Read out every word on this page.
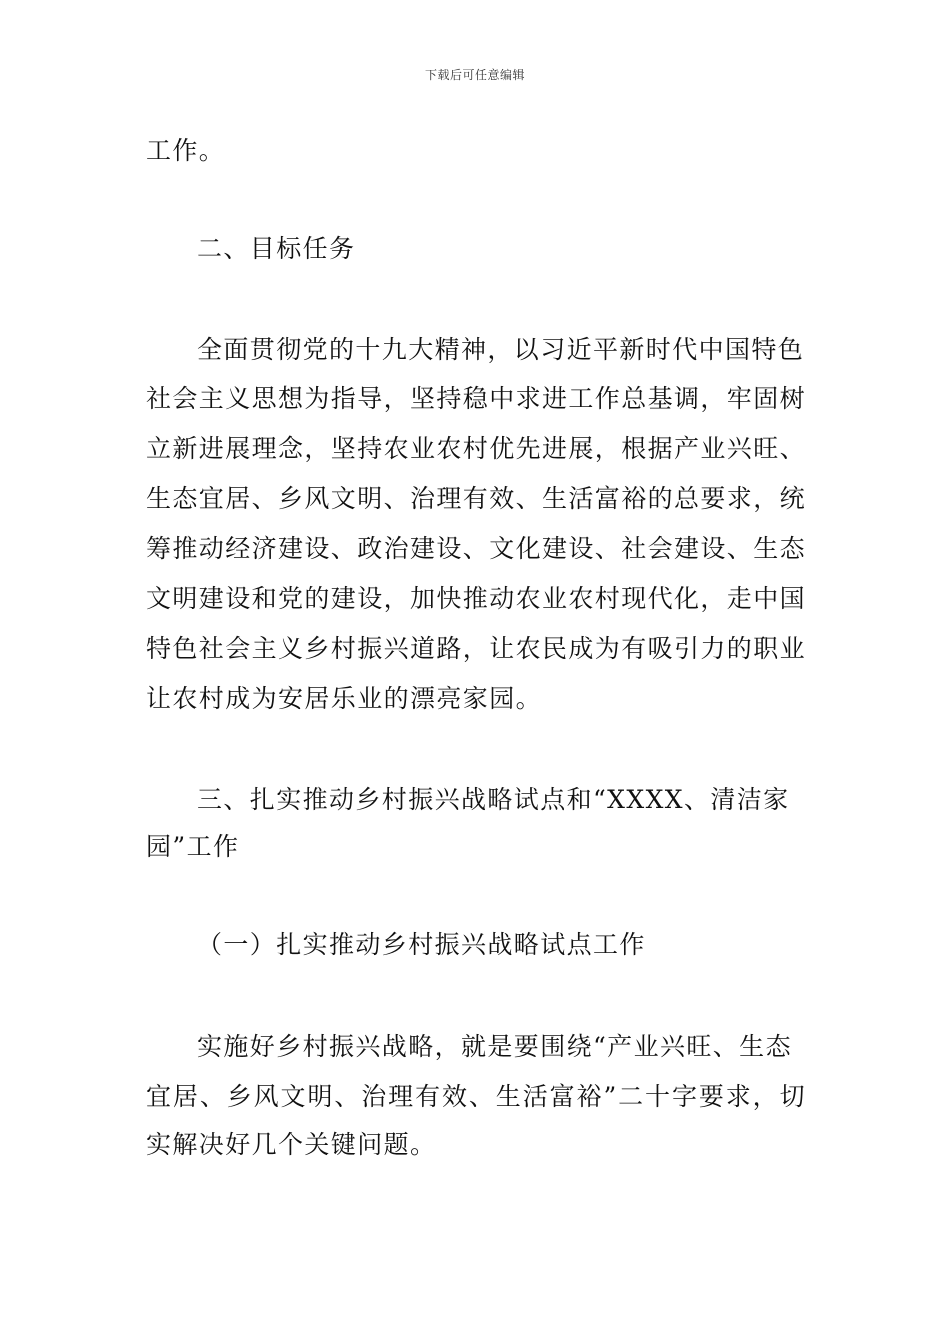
下载后可任意编辑
工作。
二、目标任务
全面贯彻党的十九大精神，以习近平新时代中国特色
社会主义思想为指导，坚持稳中求进工作总基调，牢固树
立新进展理念，坚持农业农村优先进展，根据产业兴旺、
生态宜居、乡风文明、治理有效、生活富裕的总要求，统
筹推动经济建设、政治建设、文化建设、社会建设、生态
文明建设和党的建设，加快推动农业农村现代化，走中国
特色社会主义乡村振兴道路，让农民成为有吸引力的职业
让农村成为安居乐业的漂亮家园。
三、扎实推动乡村振兴战略试点和“XXXX、清洁家
园”工作
（一）扎实推动乡村振兴战略试点工作
实施好乡村振兴战略，就是要围绕“产业兴旺、生态
宜居、乡风文明、治理有效、生活富裕”二十字要求，切
实解决好几个关键问题。
